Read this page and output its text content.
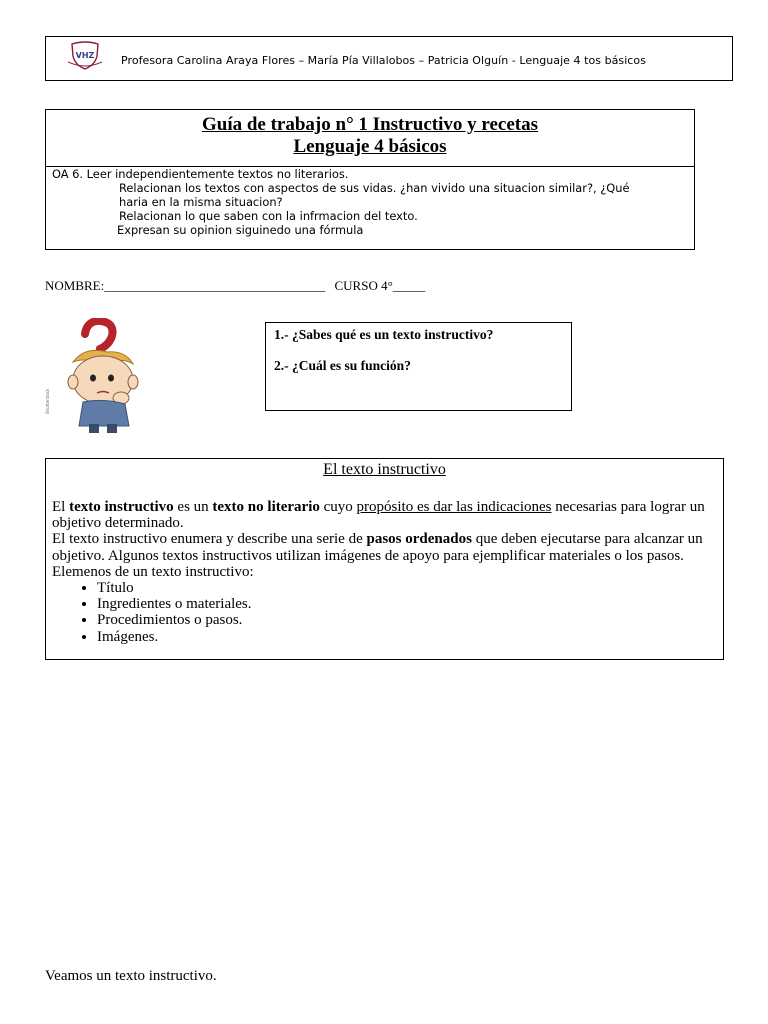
VHZ Profesora Carolina Araya Flores – María Pía Villalobos – Patricia Olguín - Lenguaje 4 tos básicos
Guía de trabajo n° 1 Instructivo y recetas
Lenguaje 4 básicos
OA 6. Leer independientemente textos no literarios.
Relacionan los textos con aspectos de sus vidas. ¿han vivido una situacion similar?, ¿Qué
haria en la misma situacion?
Relacionan lo que saben con la infrmacion del texto.
Expresan su opinion siguinedo una fórmula
NOMBRE:__________________________________ CURSO 4°_____
Shutterstock
1.- ¿Sabes qué es un texto instructivo?
2.- ¿Cuál es su función?
El texto instructivo
El texto instructivo es un texto no literario cuyo propósito es dar las indicaciones necesarias para lograr un objetivo determinado.
El texto instructivo enumera y describe una serie de pasos ordenados que deben ejecutarse para alcanzar un objetivo. Algunos textos instructivos utilizan imágenes de apoyo para ejemplificar materiales o los pasos.
Elemenos de un texto instructivo:
• Título
• Ingredientes o materiales.
• Procedimientos o pasos.
• Imágenes.
Veamos un texto instructivo.
